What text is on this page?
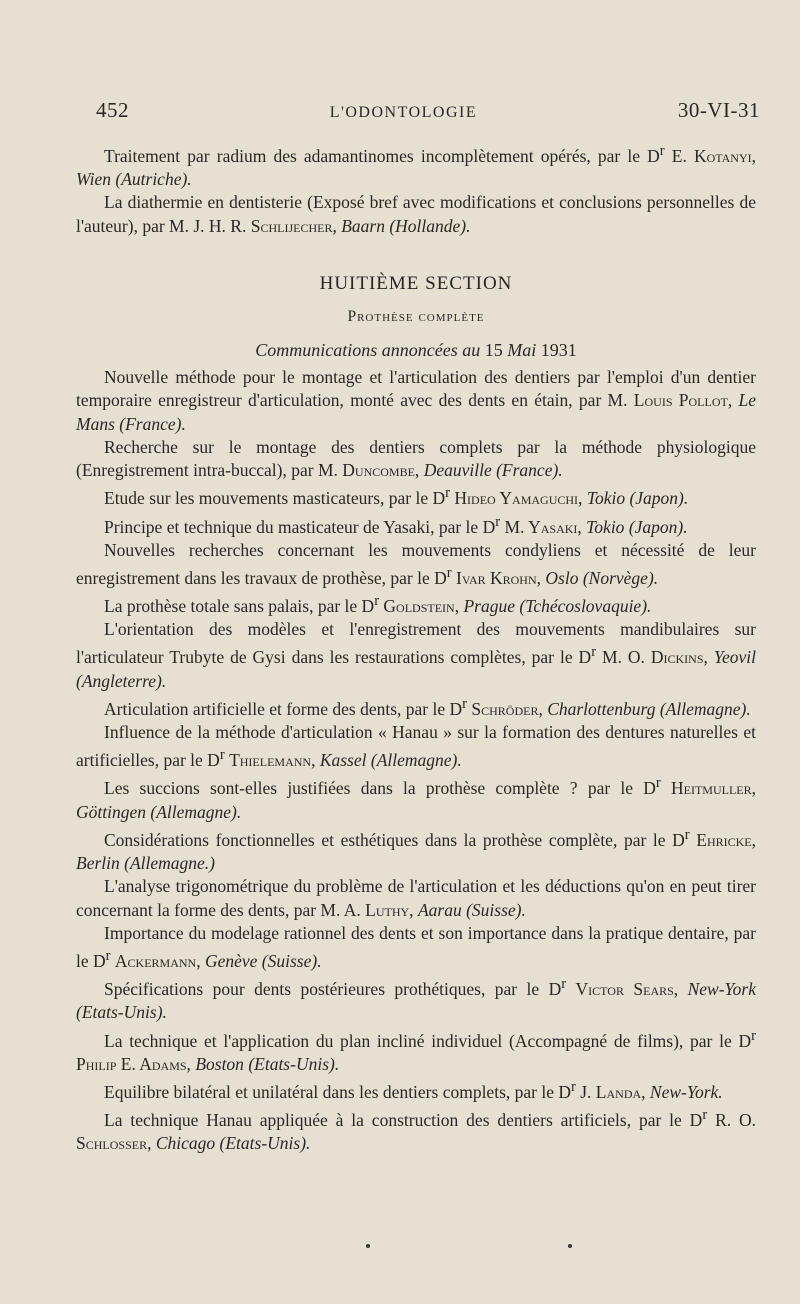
452	L'ODONTOLOGIE	30-VI-31

Traitement par radium des adamantinomes incomplètement opérés, par le $D^r$ E. Kotanyi, Wien (Autriche).

La diathermie en dentisterie (Exposé bref avec modifications et conclusions personnelles de l'auteur), par M. J. H. R. Schlijecher, Baarn (Hollande).

HUITIÈME SECTION
Prothèse complète
Communications annoncées au 15 Mai 1931

Nouvelle méthode pour le montage et l'articulation des dentiers par l'emploi d'un dentier temporaire enregistreur d'articulation, monté avec des dents en étain, par M. Louis Pollot, Le Mans (France).

Recherche sur le montage des dentiers complets par la méthode physiologique (Enregistrement intra-buccal), par M. Duncombe, Deauville (France).

Etude sur les mouvements masticateurs, par le $D^r$ Hideo Yamaguchi, Tokio (Japon).

Principe et technique du masticateur de Yasaki, par le $D^r$ M. Yasaki, Tokio (Japon).

Nouvelles recherches concernant les mouvements condyliens et nécessité de leur enregistrement dans les travaux de prothèse, par le $D^r$ Ivar Krohn, Oslo (Norvège).

La prothèse totale sans palais, par le $D^r$ Goldstein, Prague (Tchécoslovaquie).

L'orientation des modèles et l'enregistrement des mouvements mandibulaires sur l'articulateur Trubyte de Gysi dans les restaurations complètes, par le $D^r$ M. O. Dickins, Yeovil (Angleterre).

Articulation artificielle et forme des dents, par le $D^r$ Schröder, Charlottenburg (Allemagne).

Influence de la méthode d'articulation « Hanau » sur la formation des dentures naturelles et artificielles, par le $D^r$ Thielemann, Kassel (Allemagne).

Les succions sont-elles justifiées dans la prothèse complète ? par le $D^r$ Heitmuller, Göttingen (Allemagne).

Considérations fonctionnelles et esthétiques dans la prothèse complète, par le $D^r$ Ehricke, Berlin (Allemagne.)

L'analyse trigonométrique du problème de l'articulation et les déductions qu'on en peut tirer concernant la forme des dents, par M. A. Luthy, Aarau (Suisse).

Importance du modelage rationnel des dents et son importance dans la pratique dentaire, par le $D^r$ Ackermann, Genève (Suisse).

Spécifications pour dents postérieures prothétiques, par le $D^r$ Victor Sears, New-York (Etats-Unis).

La technique et l'application du plan incliné individuel (Accompagné de films), par le $D^r$ Philip E. Adams, Boston (Etats-Unis).

Equilibre bilatéral et unilatéral dans les dentiers complets, par le $D^r$ J. Landa, New-York.

La technique Hanau appliquée à la construction des dentiers artificiels, par le $D^r$ R. O. Schlosser, Chicago (Etats-Unis).
